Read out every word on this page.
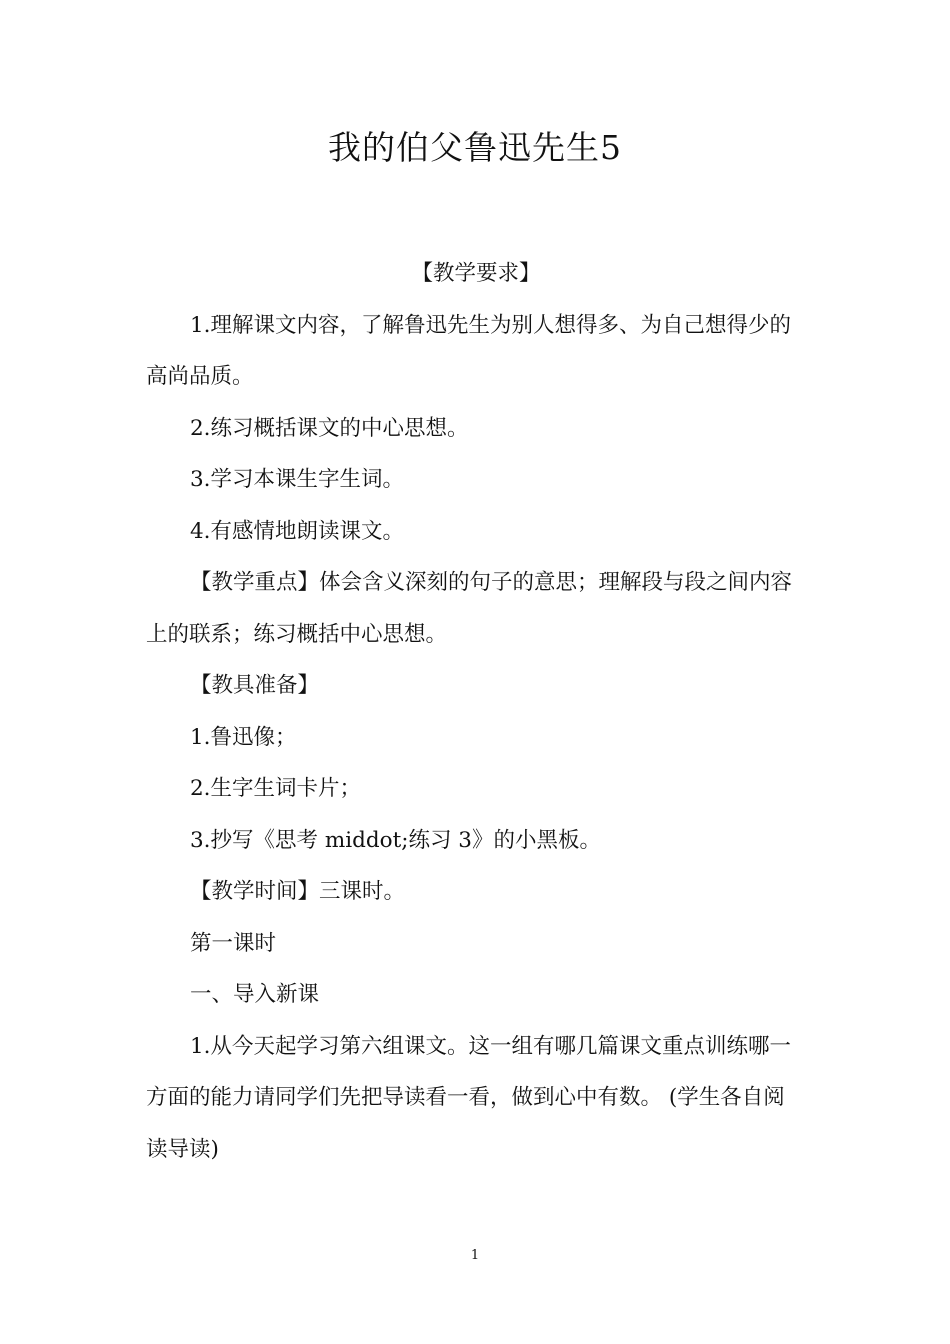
我的伯父鲁迅先生5

【教学要求】

1.理解课文内容，了解鲁迅先生为别人想得多、为自己想得少的高尚品质。

2.练习概括课文的中心思想。

3.学习本课生字生词。

4.有感情地朗读课文。

【教学重点】体会含义深刻的句子的意思；理解段与段之间内容上的联系；练习概括中心思想。

【教具准备】

1.鲁迅像；

2.生字生词卡片；

3.抄写《思考 middot;练习 3》的小黑板。

【教学时间】三课时。

第一课时

一、导入新课

1.从今天起学习第六组课文。这一组有哪几篇课文重点训练哪一方面的能力请同学们先把导读看一看，做到心中有数。 (学生各自阅读导读)

1
